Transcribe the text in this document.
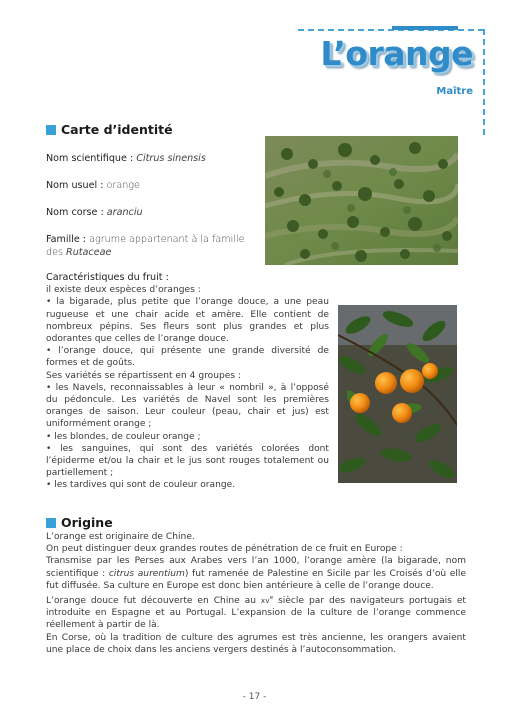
L’orange
Maître
Carte d’identité
Nom scientifique : Citrus sinensis
Nom usuel : orange
Nom corse : aranciu
Famille : agrume appartenant à la famille
des Rutaceae

Caractéristiques du fruit :

il existe deux espèces d’oranges :

• la bigarade, plus petite que l’orange douce, a une peau rugueuse et une chair acide et amère. Elle contient de nombreux pépins. Ses fleurs sont plus grandes et plus odorantes que celles de l’orange douce.

• l’orange douce, qui présente une grande diversité de formes et de goûts.

Ses variétés se répartissent en 4 groupes :

• les Navels, reconnaissables à leur « nombril », à l’opposé du pédoncule. Les variétés de Navel sont les premières oranges de saison. Leur couleur (peau, chair et jus) est uniformément orange ;

• les blondes, de couleur orange ;

• les sanguines, qui sont des variétés colorées dont l’épiderme et/ou la chair et le jus sont rouges totalement ou partiellement ;

• les tardives qui sont de couleur orange.

Origine

L’orange est originaire de Chine.

On peut distinguer deux grandes routes de pénétration de ce fruit en Europe :

Transmise par les Perses aux Arabes vers l’an 1000, l’orange amère (la bigarade, nom scientifique : citrus aurentium) fut ramenée de Palestine en Sicile par les Croisés d’où elle fut diffusée. Sa culture en Europe est donc bien antérieure à celle de l’orange douce.

L’orange douce fut découverte en Chine au $xv^e$ siècle par des navigateurs portugais et introduite en Espagne et au Portugal. L’expansion de la culture de l’orange commence réellement à partir de là.

En Corse, où la tradition de culture des agrumes est très ancienne, les orangers avaient une place de choix dans les anciens vergers destinés à l’autoconsommation.

- 17 -
